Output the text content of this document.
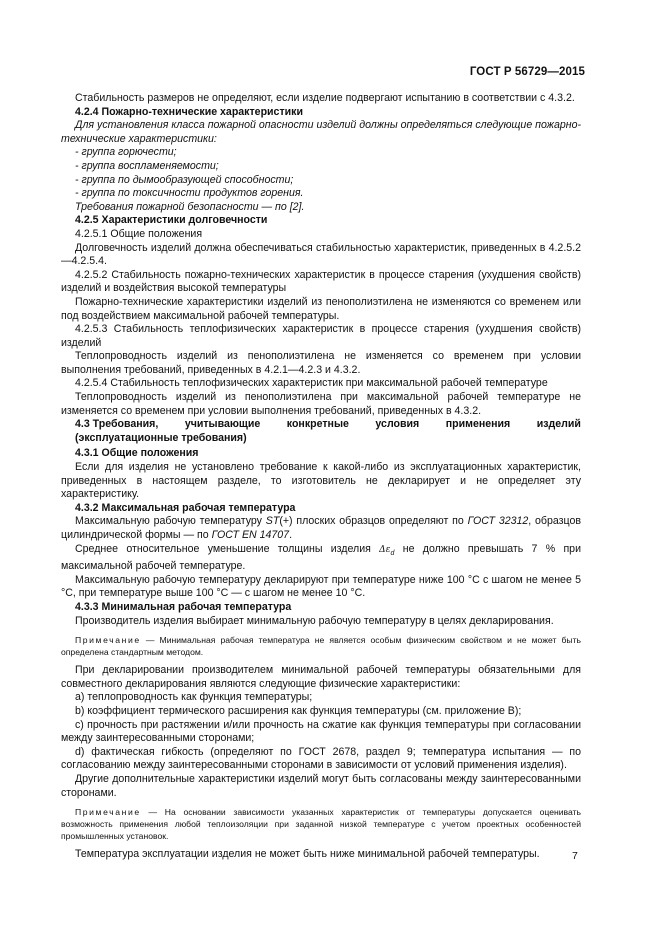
ГОСТ Р 56729—2015

Стабильность размеров не определяют, если изделие подвергают испытанию в соответствии с 4.3.2.

4.2.4 Пожарно-технические характеристики

Для установления класса пожарной опасности изделий должны определяться следующие пожарно-технические характеристики:

- группа горючести;

- группа воспламеняемости;

- группа по дымообразующей способности;

- группа по токсичности продуктов горения.

Требования пожарной безопасности — по [2].

4.2.5 Характеристики долговечности

4.2.5.1 Общие положения

Долговечность изделий должна обеспечиваться стабильностью характеристик, приведенных в 4.2.5.2—4.2.5.4.

4.2.5.2 Стабильность пожарно-технических характеристик в процессе старения (ухудшения свойств) изделий и воздействия высокой температуры

Пожарно-технические характеристики изделий из пенополиэтилена не изменяются со временем или под воздействием максимальной рабочей температуры.

4.2.5.3 Стабильность теплофизических характеристик в процессе старения (ухудшения свойств) изделий

Теплопроводность изделий из пенополиэтилена не изменяется со временем при условии выполнения требований, приведенных в 4.2.1—4.2.3 и 4.3.2.

4.2.5.4 Стабильность теплофизических характеристик при максимальной рабочей температуре

Теплопроводность изделий из пенополиэтилена при максимальной рабочей температуре не изменяется со временем при условии выполнения требований, приведенных в 4.3.2.

4.3 Требования,	учитывающие	конкретные	условия	применения	изделий

(эксплуатационные требования)

4.3.1 Общие положения

Если для изделия не установлено требование к какой-либо из эксплуатационных характеристик, приведенных в настоящем разделе, то изготовитель не декларирует и не определяет эту характеристику.

4.3.2 Максимальная рабочая температура

Максимальную рабочую температуру ST(+) плоских образцов определяют по ГОСТ 32312, образцов цилиндрической формы — по ГОСТ EN 14707.

Среднее относительное уменьшение толщины изделия $\Delta\varepsilon_d$ не должно превышать 7 % при максимальной рабочей температуре.

Максимальную рабочую температуру декларируют при температуре ниже 100 °С с шагом не менее 5 °С, при температуре выше 100 °С — с шагом не менее 10 °С.

4.3.3 Минимальная рабочая температура

Производитель изделия выбирает минимальную рабочую температуру в целях декларирования.

Примечание — Минимальная рабочая температура не является особым физическим свойством и не может быть определена стандартным методом.

При декларировании производителем минимальной рабочей температуры обязательными для совместного декларирования являются следующие физические характеристики:

а) теплопроводность как функция температуры;

b) коэффициент термического расширения как функция температуры (см. приложение В);

c) прочность при растяжении и/или прочность на сжатие как функция температуры при согласовании между заинтересованными сторонами;

d) фактическая гибкость (определяют по ГОСТ 2678, раздел 9; температура испытания — по согласованию между заинтересованными сторонами в зависимости от условий применения изделия).

Другие дополнительные характеристики изделий могут быть согласованы между заинтересованными сторонами.

Примечание — На основании зависимости указанных характеристик от температуры допускается оценивать возможность применения любой теплоизоляции при заданной низкой температуре с учетом проектных особенностей промышленных установок.

Температура эксплуатации изделия не может быть ниже минимальной рабочей температуры.	7
